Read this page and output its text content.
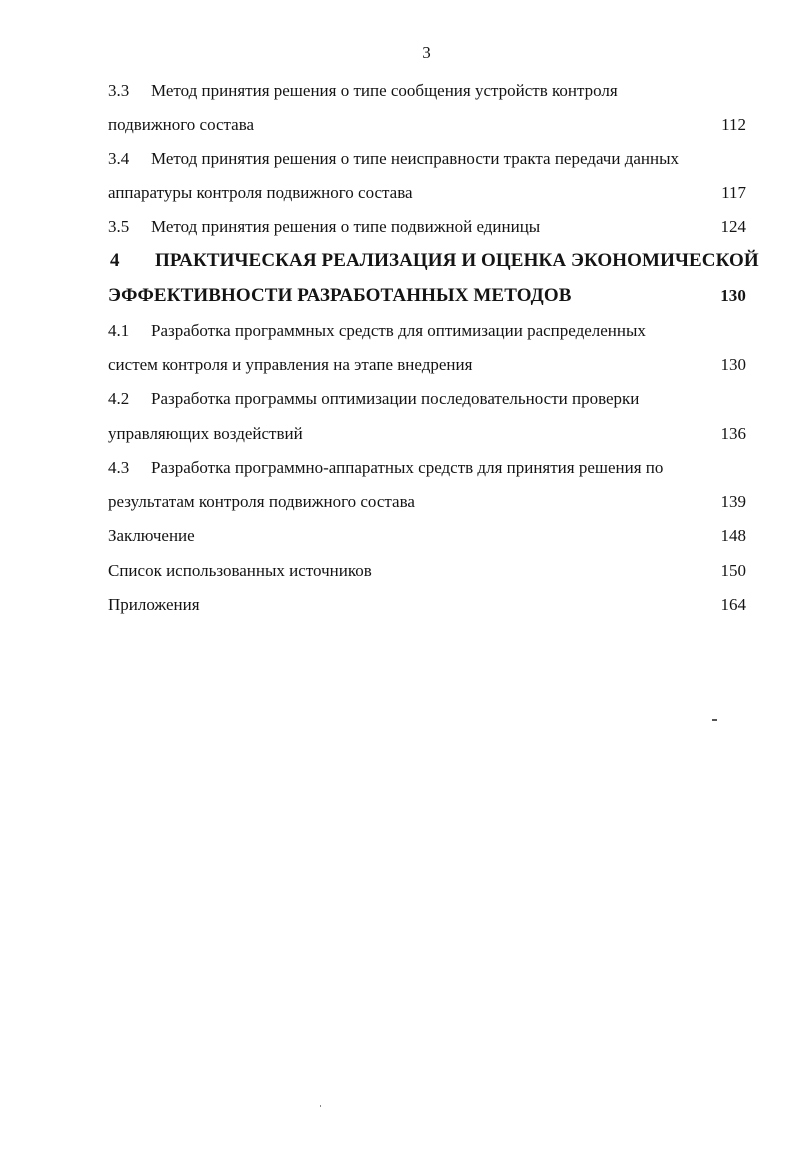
3
3.3 Метод принятия решения о типе сообщения устройств контроля
подвижного состава	112
3.4 Метод принятия решения о типе неисправности тракта передачи данных
аппаратуры контроля подвижного состава	117
3.5 Метод принятия решения о типе подвижной единицы	124
4 ПРАКТИЧЕСКАЯ РЕАЛИЗАЦИЯ И ОЦЕНКА ЭКОНОМИЧЕСКОЙ
ЭФФЕКТИВНОСТИ РАЗРАБОТАННЫХ МЕТОДОВ	130
4.1 Разработка программных средств для оптимизации распределенных
систем контроля и управления на этапе внедрения	130
4.2 Разработка программы оптимизации последовательности проверки
управляющих воздействий	136
4.3 Разработка программно-аппаратных средств для принятия решения по
результатам контроля подвижного состава	139
Заключение	148
Список использованных источников	150
Приложения	164
